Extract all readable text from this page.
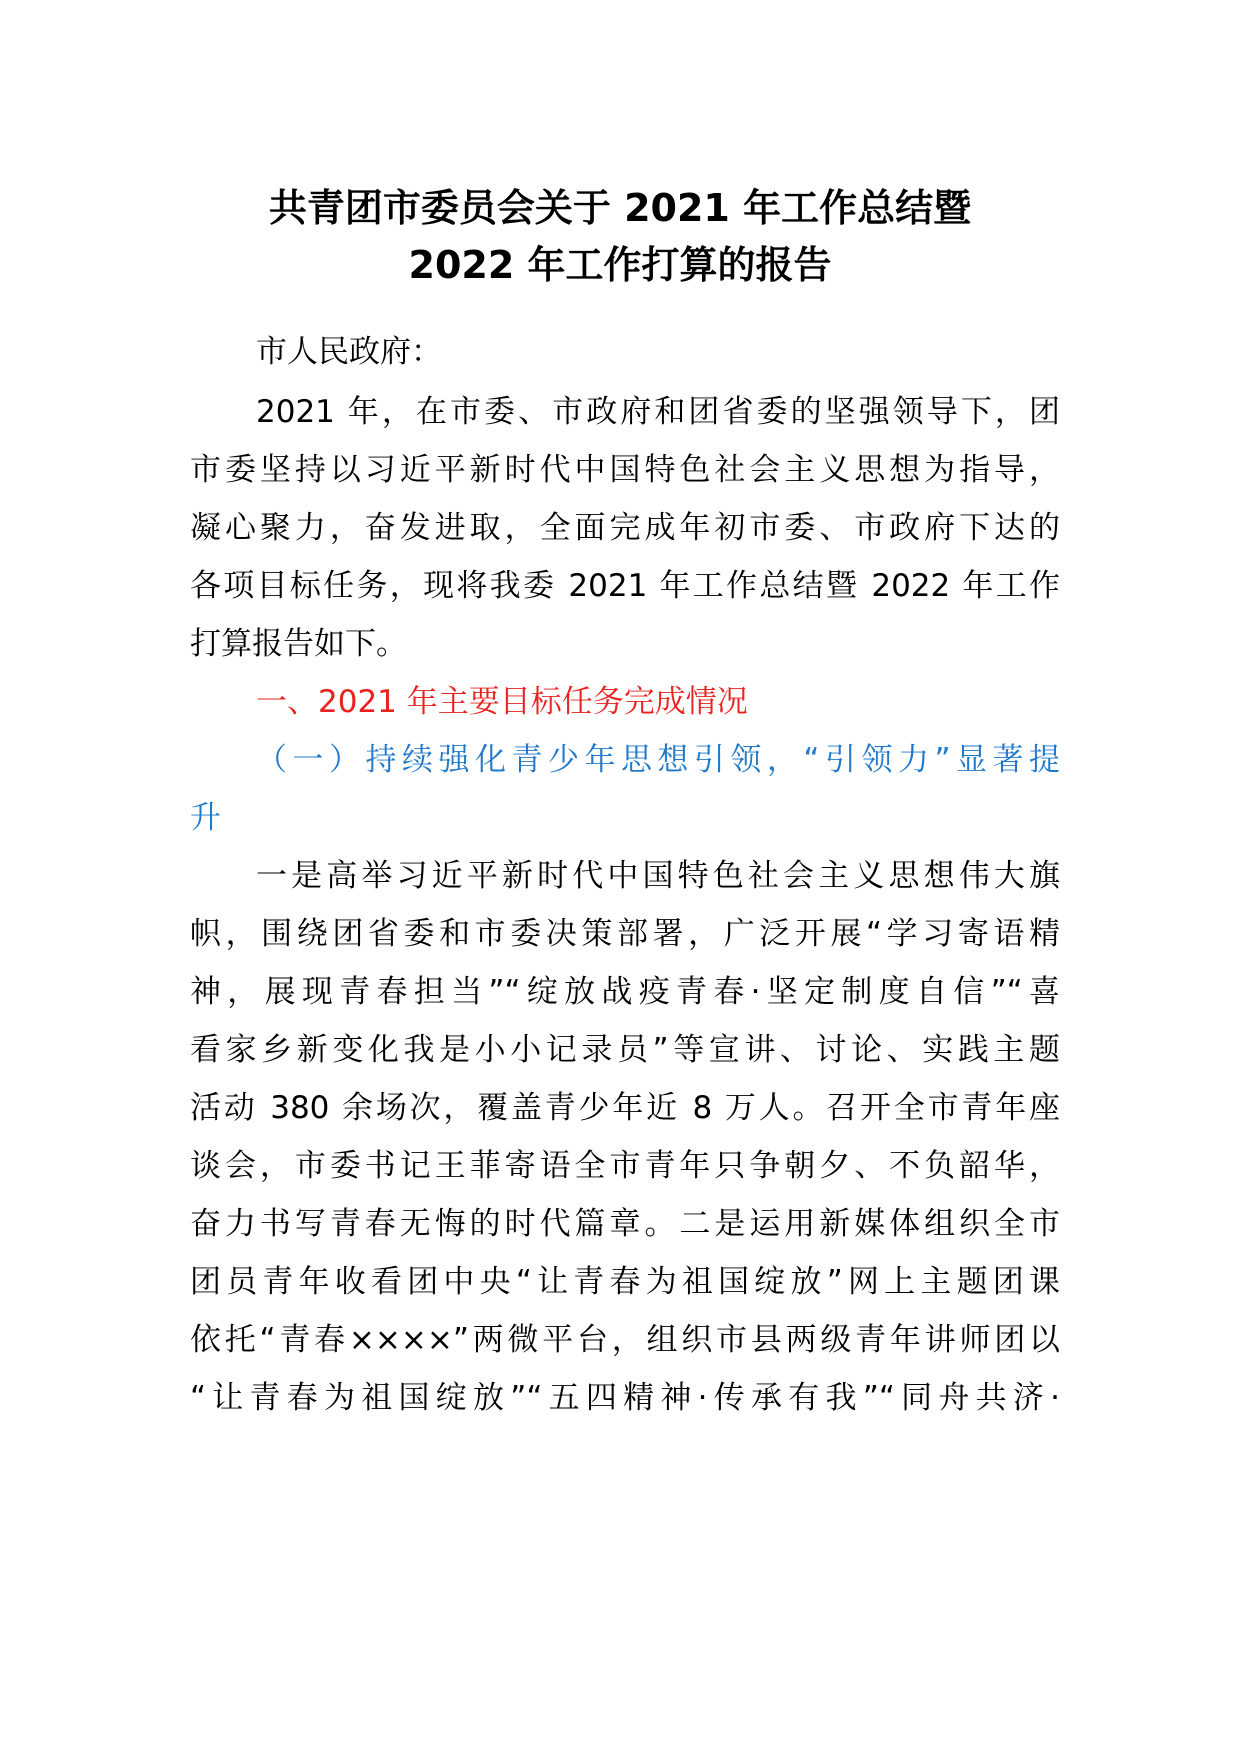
共青团市委员会关于 2021 年工作总结暨
2022 年工作打算的报告
市人民政府：
2021 年，在市委、市政府和团省委的坚强领导下，团
市委坚持以习近平新时代中国特色社会主义思想为指导，
凝心聚力，奋发进取，全面完成年初市委、市政府下达的
各项目标任务，现将我委 2021 年工作总结暨 2022 年工作
打算报告如下。
一、2021 年主要目标任务完成情况
（一）持续强化青少年思想引领，“引领力”显著提
升
一是高举习近平新时代中国特色社会主义思想伟大旗
帜，围绕团省委和市委决策部署，广泛开展“学习寄语精
神，展现青春担当”“绽放战疫青春·坚定制度自信”“喜
看家乡新变化我是小小记录员”等宣讲、讨论、实践主题
活动 380 余场次，覆盖青少年近 8 万人。召开全市青年座
谈会，市委书记王菲寄语全市青年只争朝夕、不负韶华，
奋力书写青春无悔的时代篇章。二是运用新媒体组织全市
团员青年收看团中央“让青春为祖国绽放”网上主题团课
依托“青春××××”两微平台，组织市县两级青年讲师团以
“让青春为祖国绽放”“五四精神·传承有我”“同舟共济·
